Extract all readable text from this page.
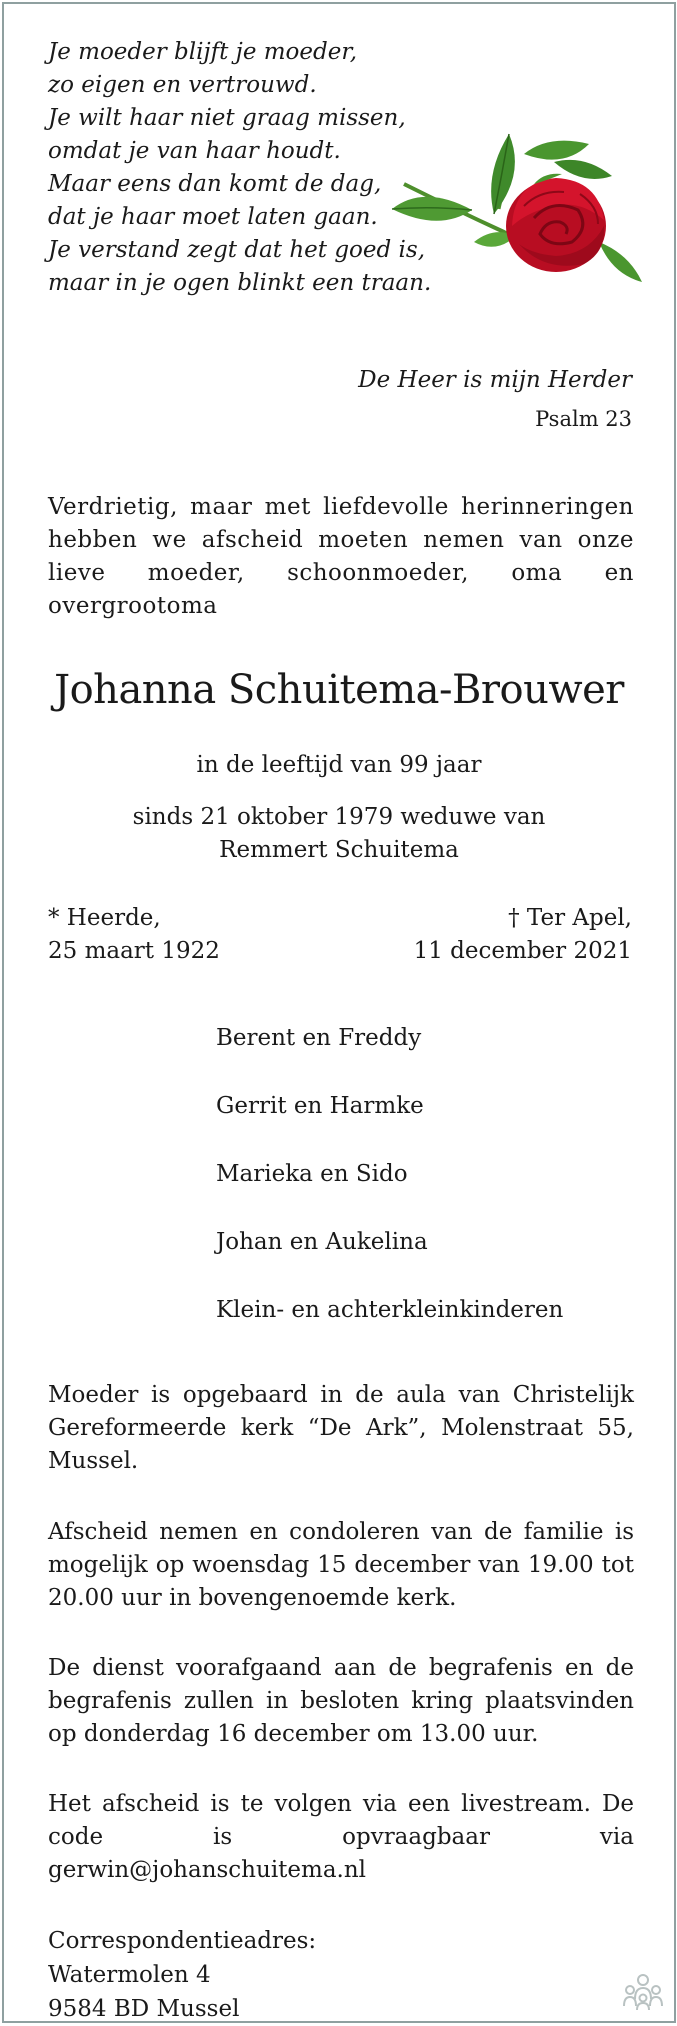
Je moeder blijft je moeder,
zo eigen en vertrouwd.
Je wilt haar niet graag missen,
omdat je van haar houdt.
Maar eens dan komt de dag,
dat je haar moet laten gaan.
Je verstand zegt dat het goed is,
maar in je ogen blinkt een traan.
De Heer is mijn Herder
Psalm 23
Verdrietig, maar met liefdevolle herinneringen hebben we afscheid moeten nemen van onze lieve moeder, schoonmoeder, oma en overgrootoma
Johanna Schuitema-Brouwer
in de leeftijd van 99 jaar
sinds 21 oktober 1979 weduwe van
Remmert Schuitema
* Heerde,
25 maart 1922
† Ter Apel,
11 december 2021
Berent en Freddy
Gerrit en Harmke
Marieka en Sido
Johan en Aukelina
Klein- en achterkleinkinderen
Moeder is opgebaard in de aula van Christelijk Gereformeerde kerk “De Ark”, Molenstraat 55, Mussel.
Afscheid nemen en condoleren van de familie is mogelijk op woensdag 15 december van 19.00 tot 20.00 uur in bovengenoemde kerk.
De dienst voorafgaand aan de begrafenis en de begrafenis zullen in besloten kring plaatsvinden op donderdag 16 december om 13.00 uur.
Het afscheid is te volgen via een livestream. De code is opvraagbaar via gerwin@johanschuitema.nl
Correspondentieadres:
Watermolen 4
9584 BD Mussel
